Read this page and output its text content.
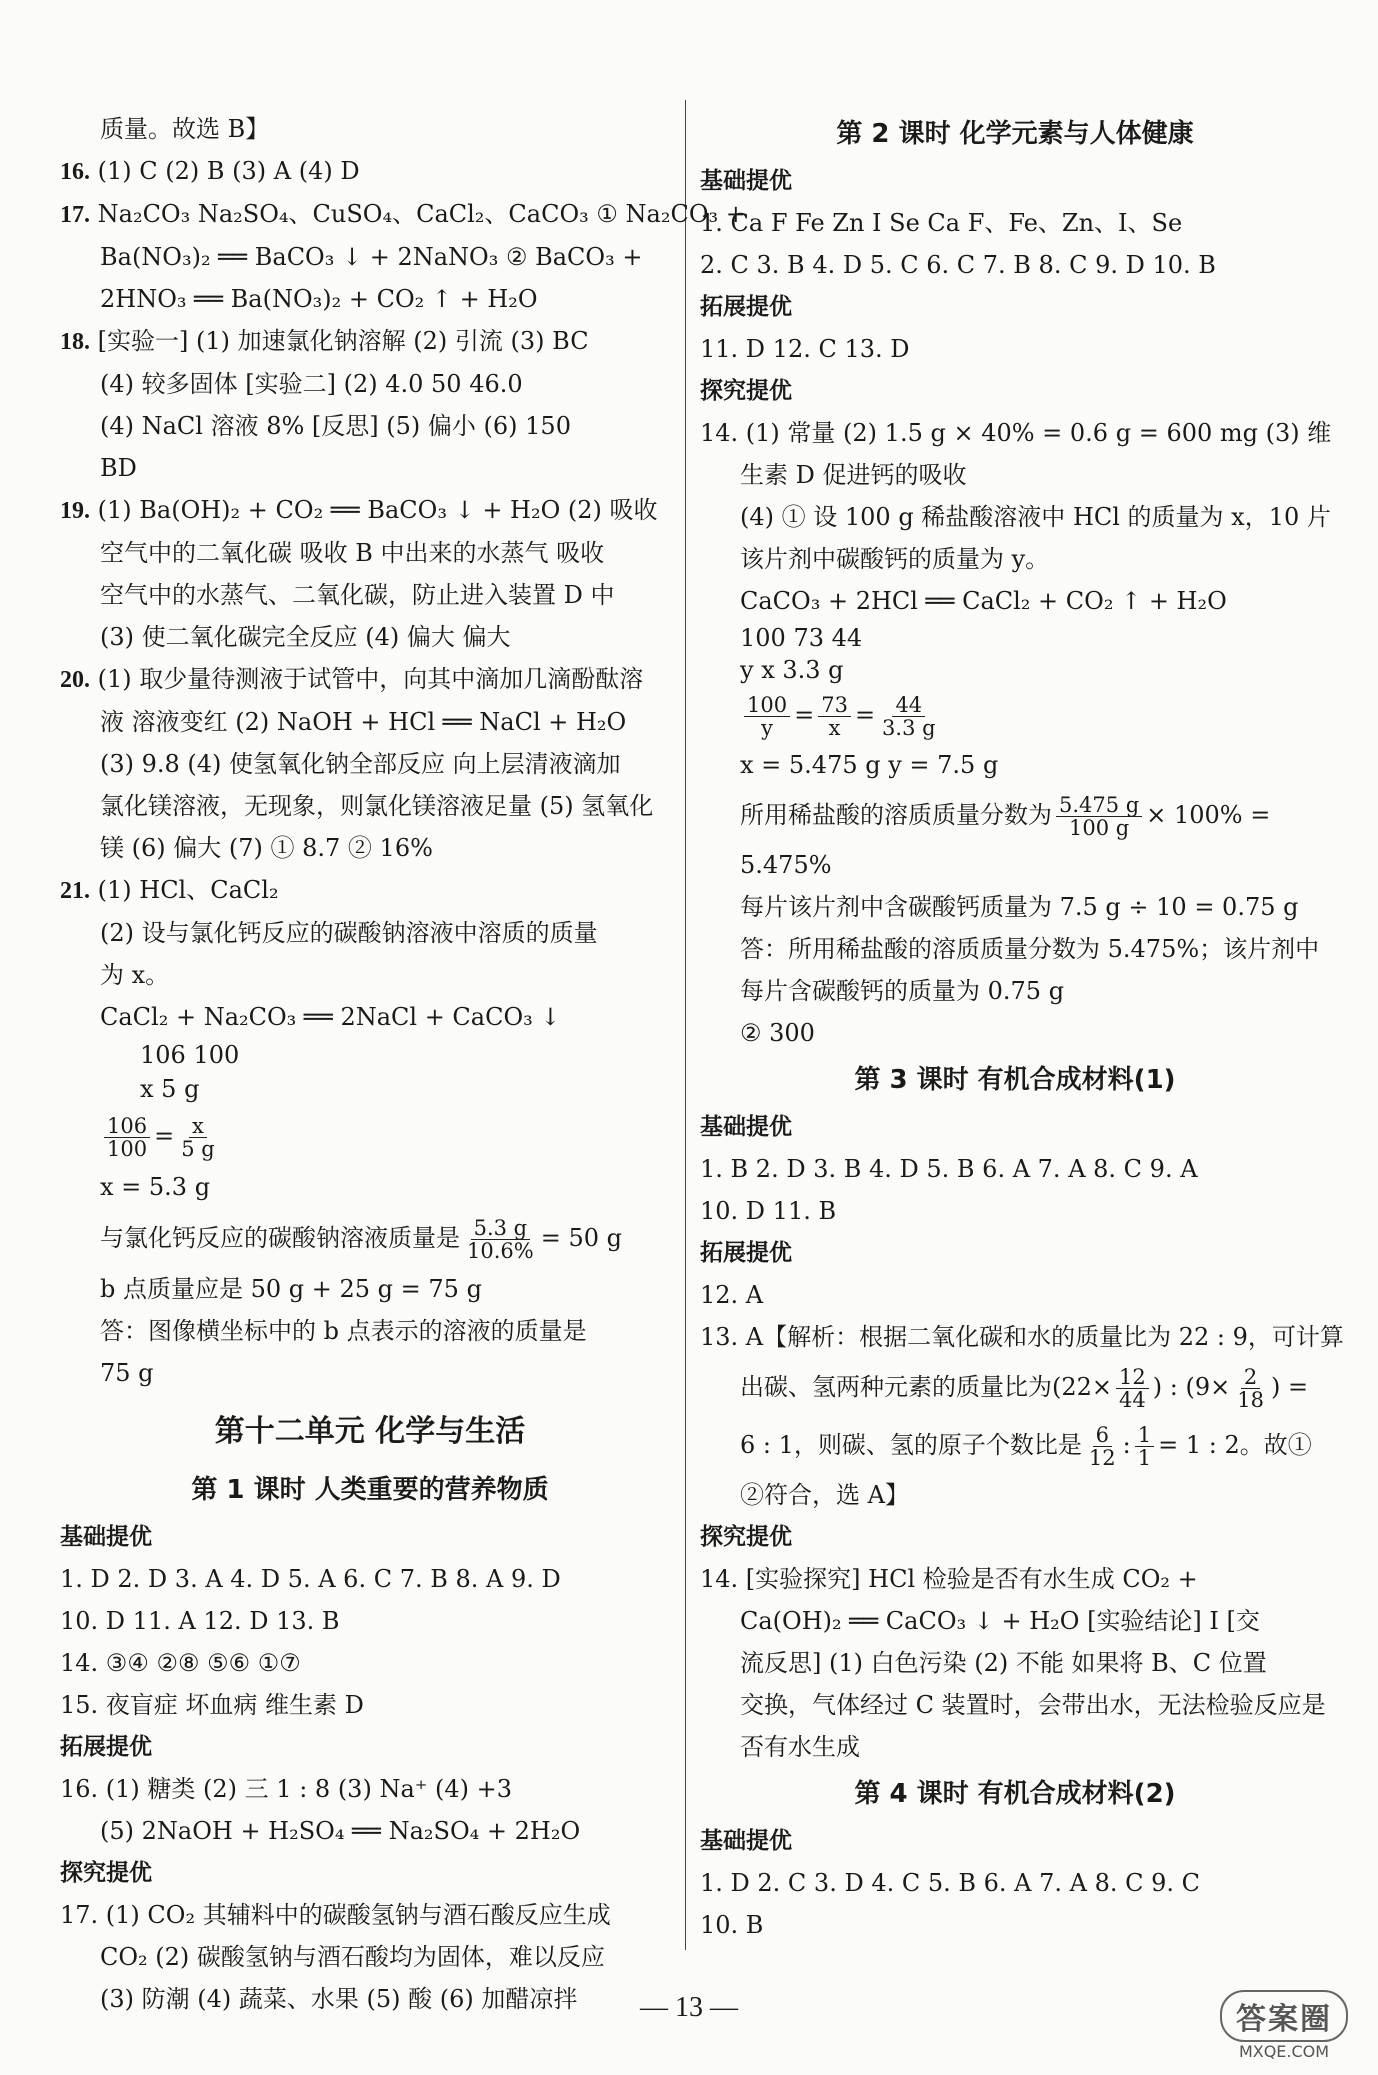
质量。故选 B】

16. (1) C (2) B (3) A (4) D

17. Na₂CO₃ Na₂SO₄、CuSO₄、CaCl₂、CaCO₃ ① Na₂CO₃ +

Ba(NO₃)₂ ══ BaCO₃ ↓ + 2NaNO₃ ② BaCO₃ +

2HNO₃ ══ Ba(NO₃)₂ + CO₂ ↑ + H₂O

18. [实验一] (1) 加速氯化钠溶解 (2) 引流 (3) BC

(4) 较多固体 [实验二] (2) 4.0 50 46.0

(4) NaCl 溶液 8% [反思] (5) 偏小 (6) 150

BD

19. (1) Ba(OH)₂ + CO₂ ══ BaCO₃ ↓ + H₂O (2) 吸收

空气中的二氧化碳 吸收 B 中出来的水蒸气 吸收

空气中的水蒸气、二氧化碳，防止进入装置 D 中

(3) 使二氧化碳完全反应 (4) 偏大 偏大

20. (1) 取少量待测液于试管中，向其中滴加几滴酚酞溶

液 溶液变红 (2) NaOH + HCl ══ NaCl + H₂O

(3) 9.8 (4) 使氢氧化钠全部反应 向上层清液滴加

氯化镁溶液，无现象，则氯化镁溶液足量 (5) 氢氧化

镁 (6) 偏大 (7) ① 8.7 ② 16%

21. (1) HCl、CaCl₂

(2) 设与氯化钙反应的碳酸钠溶液中溶质的质量

为 x。

CaCl₂ + Na₂CO₃ ══ 2NaCl + CaCO₃ ↓

106 100

x 5 g

$\frac{106}{100} = \frac{x}{5 g}$

x = 5.3 g

与氯化钙反应的碳酸钠溶液质量是 $\frac{5.3 g}{10.6\%} = 50$ g

b 点质量应是 50 g + 25 g = 75 g

答：图像横坐标中的 b 点表示的溶液的质量是

75 g

第十二单元 化学与生活

第 1 课时 人类重要的营养物质

基础提优

1. D 2. D 3. A 4. D 5. A 6. C 7. B 8. A 9. D

10. D 11. A 12. D 13. B

14. ③④ ②⑧ ⑤⑥ ①⑦

15. 夜盲症 坏血病 维生素 D

拓展提优

16. (1) 糖类 (2) 三 1 : 8 (3) Na⁺ (4) +3

(5) 2NaOH + H₂SO₄ ══ Na₂SO₄ + 2H₂O

探究提优

17. (1) CO₂ 其辅料中的碳酸氢钠与酒石酸反应生成

CO₂ (2) 碳酸氢钠与酒石酸均为固体，难以反应

(3) 防潮 (4) 蔬菜、水果 (5) 酸 (6) 加醋凉拌

第 2 课时 化学元素与人体健康

基础提优

1. Ca F Fe Zn I Se Ca F、Fe、Zn、I、Se

2. C 3. B 4. D 5. C 6. C 7. B 8. C 9. D 10. B

拓展提优

11. D 12. C 13. D

探究提优

14. (1) 常量 (2) 1.5 g × 40% = 0.6 g = 600 mg (3) 维

生素 D 促进钙的吸收

(4) ① 设 100 g 稀盐酸溶液中 HCl 的质量为 x，10 片

该片剂中碳酸钙的质量为 y。

CaCO₃ + 2HCl ══ CaCl₂ + CO₂ ↑ + H₂O

100 73 44

y x 3.3 g

$\frac{100}{y} = \frac{73}{x} = \frac{44}{3.3 g}$

x = 5.475 g y = 7.5 g

所用稀盐酸的溶质质量分数为 $\frac{5.475 g}{100 g} \times 100\%$ =

5.475%

每片该片剂中含碳酸钙质量为 7.5 g ÷ 10 = 0.75 g

答：所用稀盐酸的溶质质量分数为 5.475%；该片剂中

每片含碳酸钙的质量为 0.75 g

② 300

第 3 课时 有机合成材料(1)

基础提优

1. B 2. D 3. B 4. D 5. B 6. A 7. A 8. C 9. A

10. D 11. B

拓展提优

12. A

13. A【解析：根据二氧化碳和水的质量比为 22 : 9，可计算

出碳、氢两种元素的质量比为($22\times \frac{12}{44}$ ) : ($9\times \frac{2}{18}$ ) =

6 : 1，则碳、氢的原子个数比是 $\frac{6}{12}$ : $\frac{1}{1} = 1$ : 2。故①

②符合，选 A】

探究提优

14. [实验探究] HCl 检验是否有水生成 CO₂ +

Ca(OH)₂ ══ CaCO₃ ↓ + H₂O [实验结论] Ⅰ [交

流反思] (1) 白色污染 (2) 不能 如果将 B、C 位置

交换，气体经过 C 装置时，会带出水，无法检验反应是

否有水生成

第 4 课时 有机合成材料(2)

基础提优

1. D 2. C 3. D 4. C 5. B 6. A 7. A 8. C 9. C

10. B

— 13 —	答案圈
MXQE.COM
